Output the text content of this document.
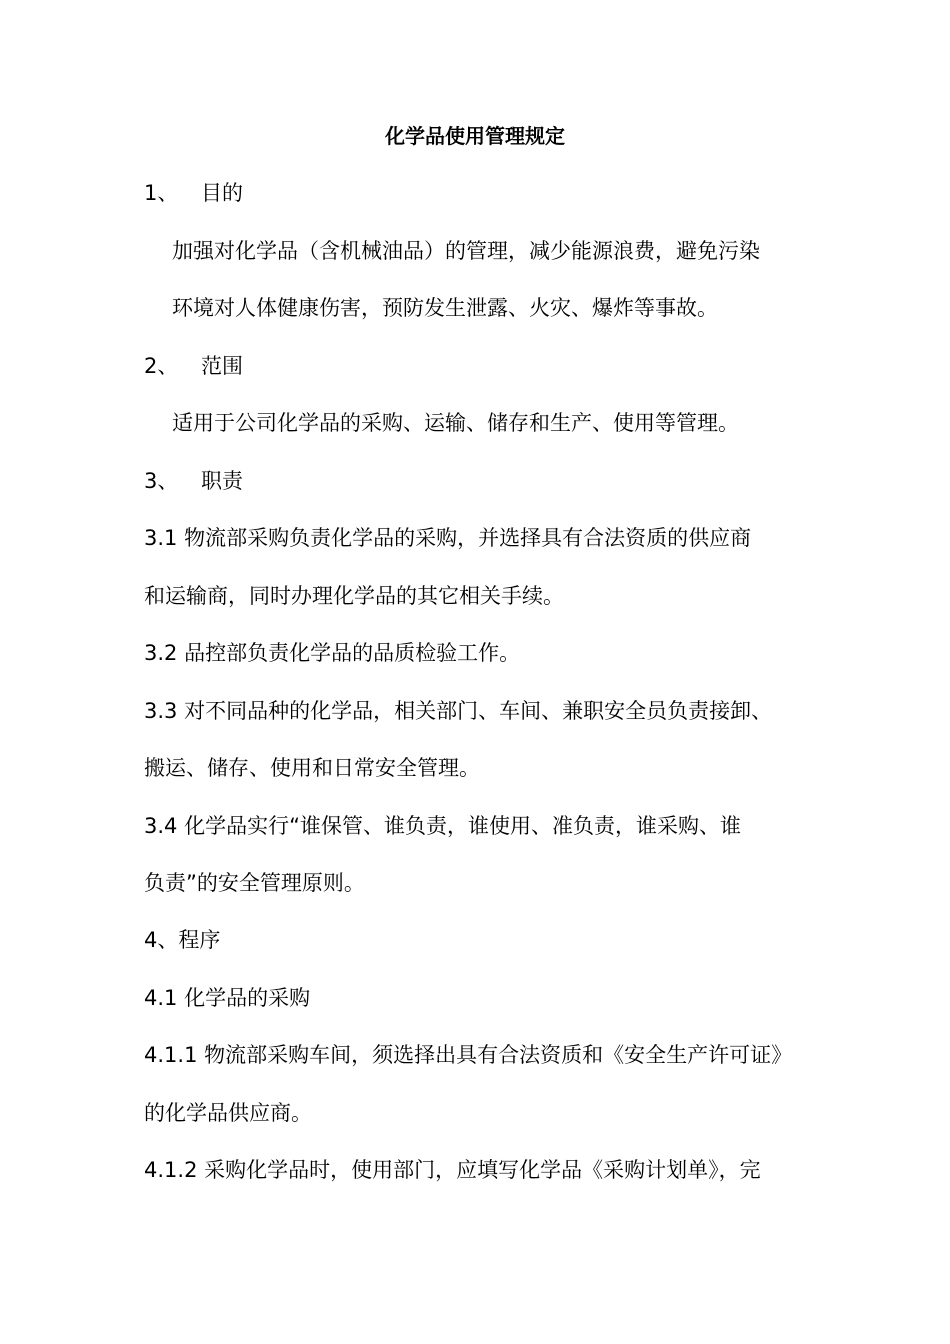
化学品使用管理规定
1、 目的
加强对化学品（含机械油品）的管理，减少能源浪费，避免污染
环境对人体健康伤害，预防发生泄露、火灾、爆炸等事故。
2、 范围
适用于公司化学品的采购、运输、储存和生产、使用等管理。
3、 职责
3.1 物流部采购负责化学品的采购，并选择具有合法资质的供应商
和运输商，同时办理化学品的其它相关手续。
3.2 品控部负责化学品的品质检验工作。
3.3 对不同品种的化学品，相关部门、车间、兼职安全员负责接卸、
搬运、储存、使用和日常安全管理。
3.4 化学品实行“谁保管、谁负责，谁使用、准负责，谁采购、谁
负责”的安全管理原则。
4、程序
4.1 化学品的采购
4.1.1 物流部采购车间，须选择出具有合法资质和《安全生产许可证》
的化学品供应商。
4.1.2 采购化学品时，使用部门，应填写化学品《采购计划单》，完
